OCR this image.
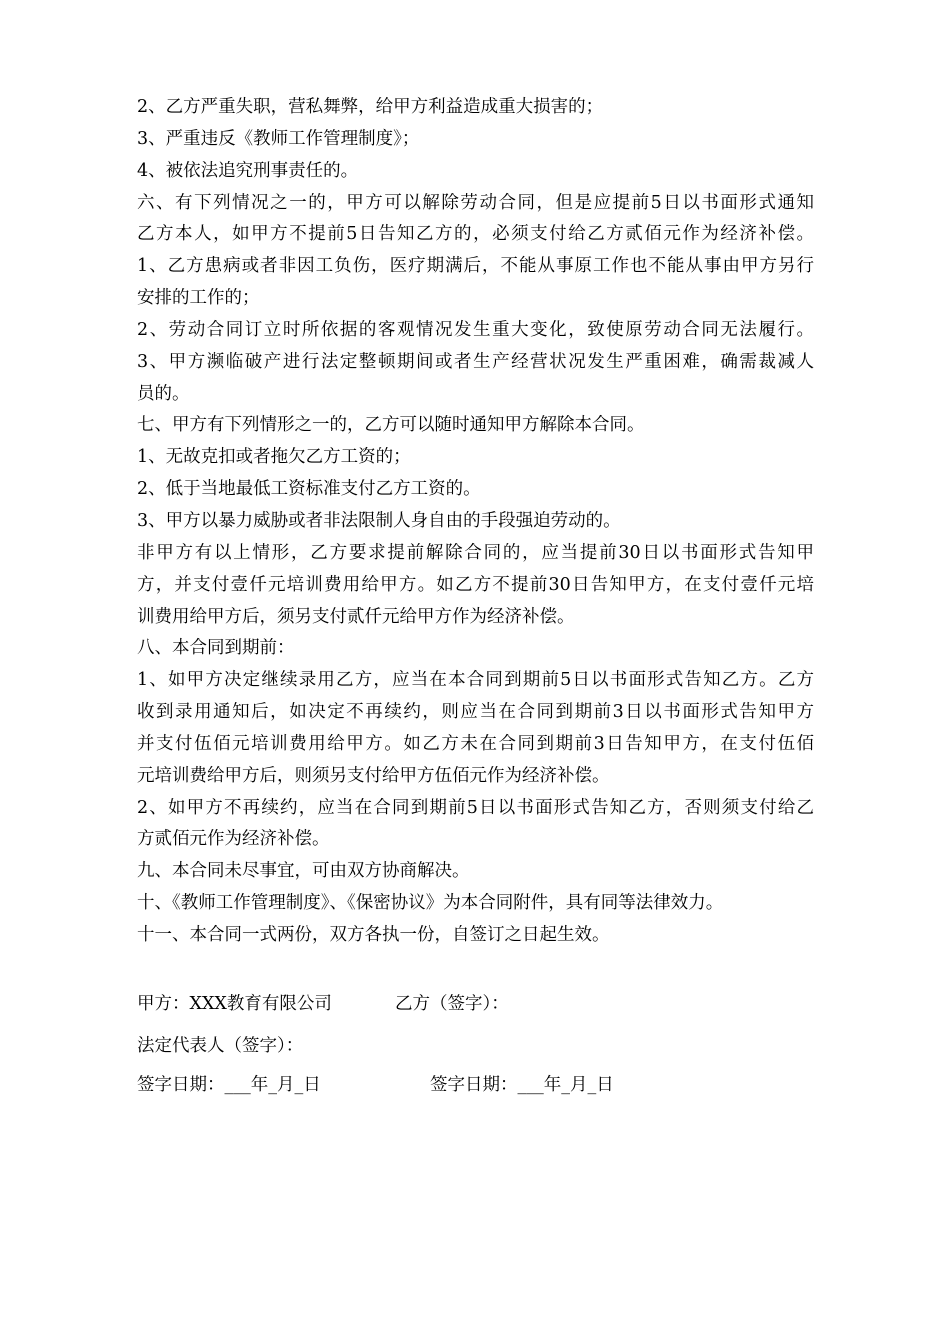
2、乙方严重失职，营私舞弊，给甲方利益造成重大损害的；
3、严重违反《教师工作管理制度》；
4、被依法追究刑事责任的。
六、有下列情况之一的，甲方可以解除劳动合同，但是应提前5日以书面形式通知
乙方本人，如甲方不提前5日告知乙方的，必须支付给乙方贰佰元作为经济补偿。
1、乙方患病或者非因工负伤，医疗期满后，不能从事原工作也不能从事由甲方另行
安排的工作的；
2、劳动合同订立时所依据的客观情况发生重大变化，致使原劳动合同无法履行。
3、甲方濒临破产进行法定整顿期间或者生产经营状况发生严重困难，确需裁减人
员的。
七、甲方有下列情形之一的，乙方可以随时通知甲方解除本合同。
1、无故克扣或者拖欠乙方工资的；
2、低于当地最低工资标准支付乙方工资的。
3、甲方以暴力威胁或者非法限制人身自由的手段强迫劳动的。
非甲方有以上情形，乙方要求提前解除合同的，应当提前30日以书面形式告知甲
方，并支付壹仟元培训费用给甲方。如乙方不提前30日告知甲方，在支付壹仟元培
训费用给甲方后，须另支付贰仟元给甲方作为经济补偿。
八、本合同到期前：
1、如甲方决定继续录用乙方，应当在本合同到期前5日以书面形式告知乙方。乙方
收到录用通知后，如决定不再续约，则应当在合同到期前3日以书面形式告知甲方
并支付伍佰元培训费用给甲方。如乙方未在合同到期前3日告知甲方，在支付伍佰
元培训费给甲方后，则须另支付给甲方伍佰元作为经济补偿。
2、如甲方不再续约，应当在合同到期前5日以书面形式告知乙方，否则须支付给乙
方贰佰元作为经济补偿。
九、本合同未尽事宜，可由双方协商解决。
十、《教师工作管理制度》、《保密协议》为本合同附件，具有同等法律效力。
十一、本合同一式两份，双方各执一份，自签订之日起生效。
甲方：XXX教育有限公司	乙方（签字）：
法定代表人（签字）：
签字日期：___年_月_日	签字日期：___年_月_日
